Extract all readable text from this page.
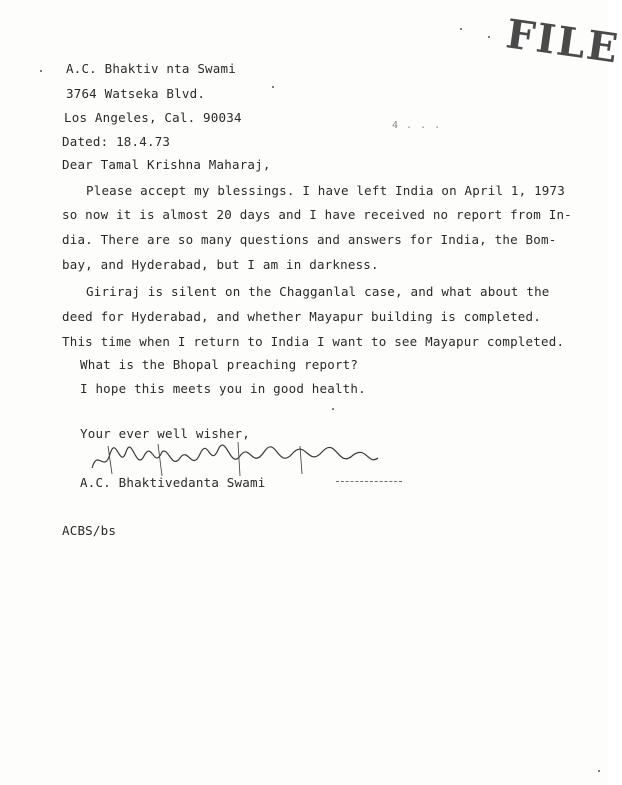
FILE
A.C. Bhaktiv nta Swami
3764 Watseka Blvd.
Los Angeles, Cal. 90034
4 . . .
Dated: 18.4.73
Dear Tamal Krishna Maharaj,
Please accept my blessings. I have left India on April 1, 1973
so now it is almost 20 days and I have received no report from In-
dia. There are so many questions and answers for India, the Bom-
bay, and Hyderabad, but I am in darkness.
Giriraj is silent on the Chagganlal case, and what about the
deed for Hyderabad, and whether Mayapur building is completed.
This time when I return to India I want to see Mayapur completed.
What is the Bhopal preaching report?
I hope this meets you in good health.
Your ever well wisher,
A.C. Bhaktivedanta Swami
ACBS/bs
